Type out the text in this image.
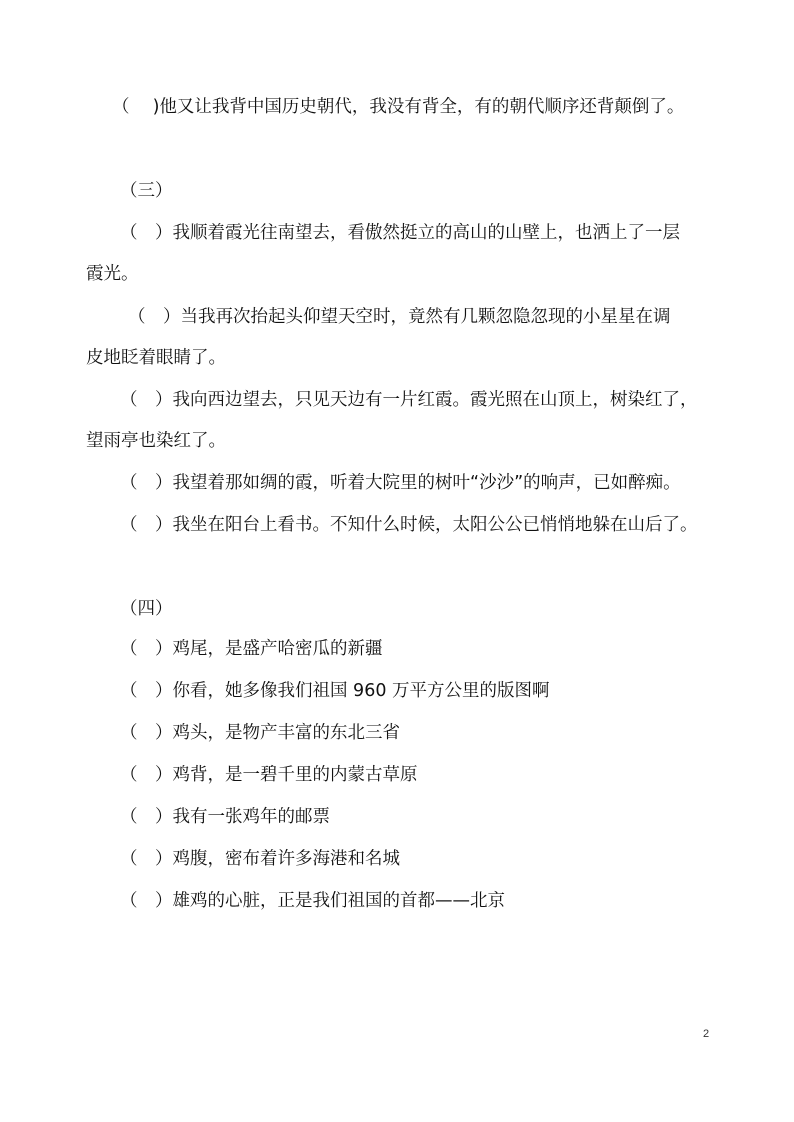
（　 )他又让我背中国历史朝代，我没有背全，有的朝代顺序还背颠倒了。
（三）
（　）我顺着霞光往南望去，看傲然挺立的高山的山壁上，也洒上了一层
霞光。
（　）当我再次抬起头仰望天空时，竟然有几颗忽隐忽现的小星星在调
皮地眨着眼睛了。
（　）我向西边望去，只见天边有一片红霞。霞光照在山顶上，树染红了，
望雨亭也染红了。
（　）我望着那如绸的霞，听着大院里的树叶“沙沙”的响声，已如醉痴。
（　）我坐在阳台上看书。不知什么时候，太阳公公已悄悄地躲在山后了。
（四）
（　）鸡尾，是盛产哈密瓜的新疆
（　）你看，她多像我们祖国 960 万平方公里的版图啊
（　）鸡头，是物产丰富的东北三省
（　）鸡背，是一碧千里的内蒙古草原
（　）我有一张鸡年的邮票
（　）鸡腹，密布着许多海港和名城
（　）雄鸡的心脏，正是我们祖国的首都——北京
2
